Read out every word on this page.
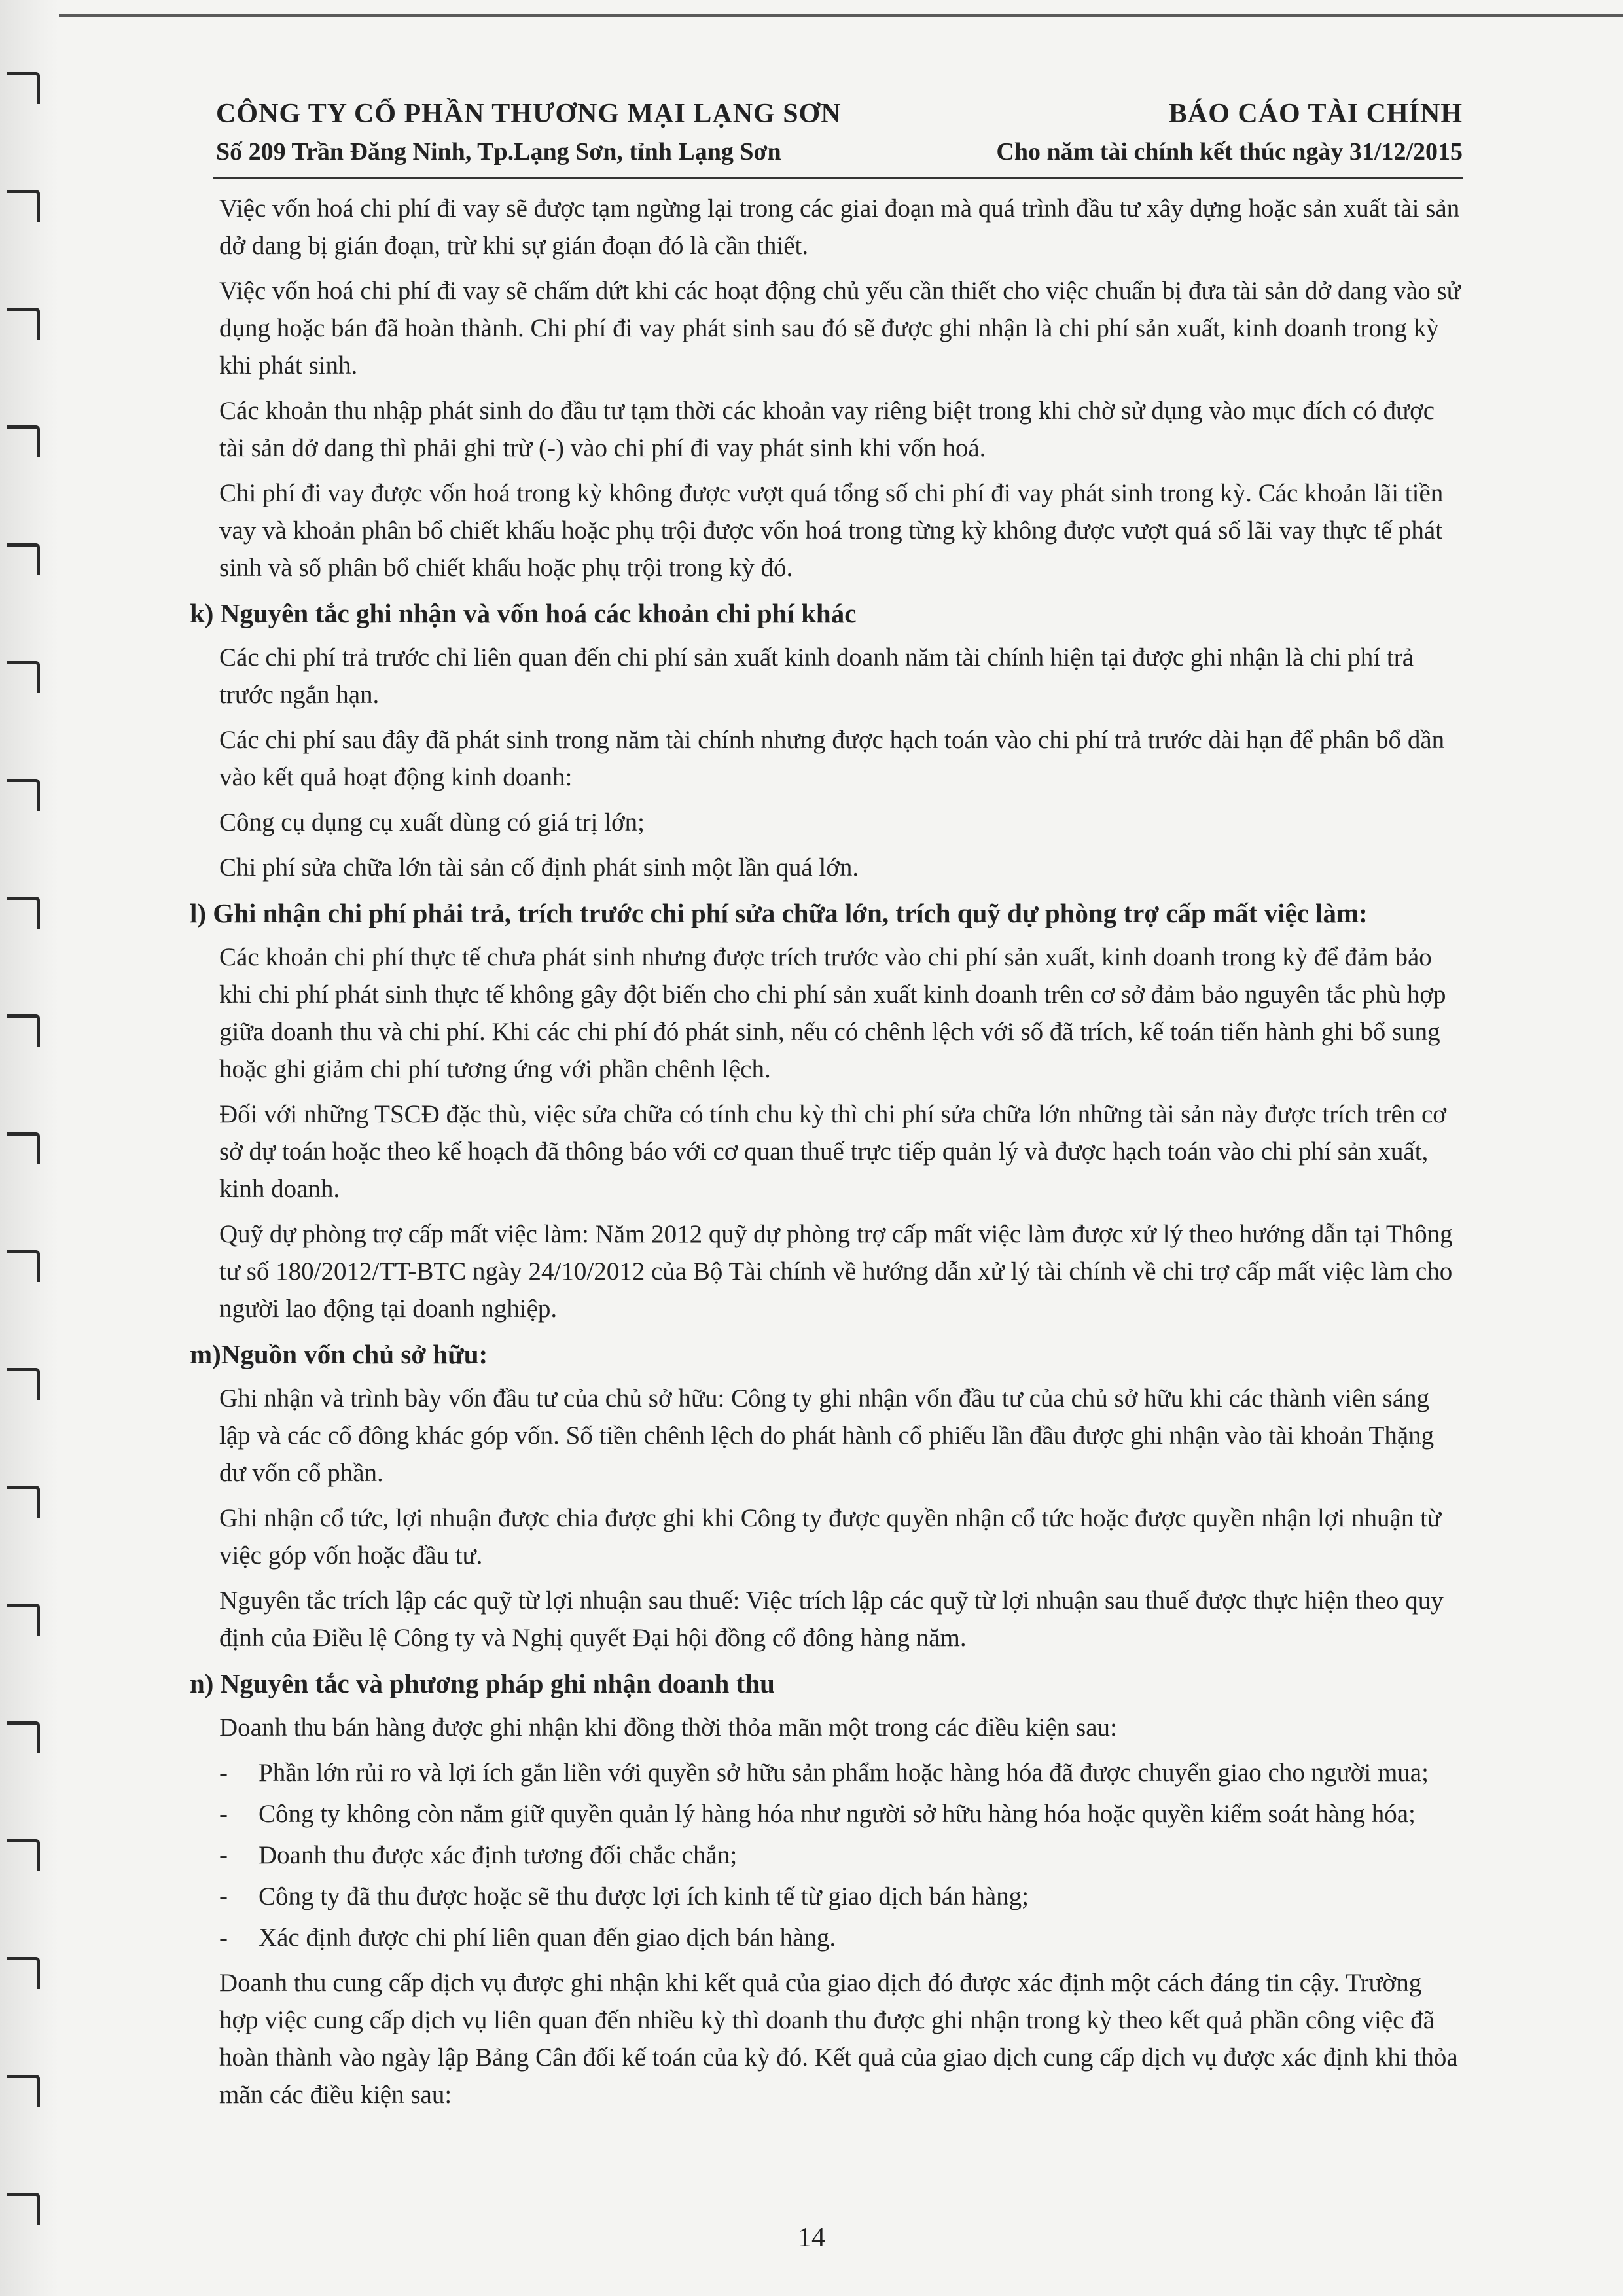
CÔNG TY CỔ PHẦN THƯƠNG MẠI LẠNG SƠN
Số 209 Trần Đăng Ninh, Tp.Lạng Sơn, tỉnh Lạng Sơn
BÁO CÁO TÀI CHÍNH
Cho năm tài chính kết thúc ngày 31/12/2015

Việc vốn hoá chi phí đi vay sẽ được tạm ngừng lại trong các giai đoạn mà quá trình đầu tư xây dựng hoặc sản xuất tài sản dở dang bị gián đoạn, trừ khi sự gián đoạn đó là cần thiết.

Việc vốn hoá chi phí đi vay sẽ chấm dứt khi các hoạt động chủ yếu cần thiết cho việc chuẩn bị đưa tài sản dở dang vào sử dụng hoặc bán đã hoàn thành. Chi phí đi vay phát sinh sau đó sẽ được ghi nhận là chi phí sản xuất, kinh doanh trong kỳ khi phát sinh.

Các khoản thu nhập phát sinh do đầu tư tạm thời các khoản vay riêng biệt trong khi chờ sử dụng vào mục đích có được tài sản dở dang thì phải ghi trừ (-) vào chi phí đi vay phát sinh khi vốn hoá.

Chi phí đi vay được vốn hoá trong kỳ không được vượt quá tổng số chi phí đi vay phát sinh trong kỳ. Các khoản lãi tiền vay và khoản phân bổ chiết khấu hoặc phụ trội được vốn hoá trong từng kỳ không được vượt quá số lãi vay thực tế phát sinh và số phân bổ chiết khấu hoặc phụ trội trong kỳ đó.

k) Nguyên tắc ghi nhận và vốn hoá các khoản chi phí khác

Các chi phí trả trước chỉ liên quan đến chi phí sản xuất kinh doanh năm tài chính hiện tại được ghi nhận là chi phí trả trước ngắn hạn.

Các chi phí sau đây đã phát sinh trong năm tài chính nhưng được hạch toán vào chi phí trả trước dài hạn để phân bổ dần vào kết quả hoạt động kinh doanh:

Công cụ dụng cụ xuất dùng có giá trị lớn;

Chi phí sửa chữa lớn tài sản cố định phát sinh một lần quá lớn.

l) Ghi nhận chi phí phải trả, trích trước chi phí sửa chữa lớn, trích quỹ dự phòng trợ cấp mất việc làm:

Các khoản chi phí thực tế chưa phát sinh nhưng được trích trước vào chi phí sản xuất, kinh doanh trong kỳ để đảm bảo khi chi phí phát sinh thực tế không gây đột biến cho chi phí sản xuất kinh doanh trên cơ sở đảm bảo nguyên tắc phù hợp giữa doanh thu và chi phí. Khi các chi phí đó phát sinh, nếu có chênh lệch với số đã trích, kế toán tiến hành ghi bổ sung hoặc ghi giảm chi phí tương ứng với phần chênh lệch.

Đối với những TSCĐ đặc thù, việc sửa chữa có tính chu kỳ thì chi phí sửa chữa lớn những tài sản này được trích trên cơ sở dự toán hoặc theo kế hoạch đã thông báo với cơ quan thuế trực tiếp quản lý và được hạch toán vào chi phí sản xuất, kinh doanh.

Quỹ dự phòng trợ cấp mất việc làm: Năm 2012 quỹ dự phòng trợ cấp mất việc làm được xử lý theo hướng dẫn tại Thông tư số 180/2012/TT-BTC ngày 24/10/2012 của Bộ Tài chính về hướng dẫn xử lý tài chính về chi trợ cấp mất việc làm cho người lao động tại doanh nghiệp.

m)Nguồn vốn chủ sở hữu:

Ghi nhận và trình bày vốn đầu tư của chủ sở hữu: Công ty ghi nhận vốn đầu tư của chủ sở hữu khi các thành viên sáng lập và các cổ đông khác góp vốn. Số tiền chênh lệch do phát hành cổ phiếu lần đầu được ghi nhận vào tài khoản Thặng dư vốn cổ phần.

Ghi nhận cổ tức, lợi nhuận được chia được ghi khi Công ty được quyền nhận cổ tức hoặc được quyền nhận lợi nhuận từ việc góp vốn hoặc đầu tư.

Nguyên tắc trích lập các quỹ từ lợi nhuận sau thuế: Việc trích lập các quỹ từ lợi nhuận sau thuế được thực hiện theo quy định của Điều lệ Công ty và Nghị quyết Đại hội đồng cổ đông hàng năm.

n) Nguyên tắc và phương pháp ghi nhận doanh thu

Doanh thu bán hàng được ghi nhận khi đồng thời thỏa mãn một trong các điều kiện sau:

- Phần lớn rủi ro và lợi ích gắn liền với quyền sở hữu sản phẩm hoặc hàng hóa đã được chuyển giao cho người mua;
- Công ty không còn nắm giữ quyền quản lý hàng hóa như người sở hữu hàng hóa hoặc quyền kiểm soát hàng hóa;
- Doanh thu được xác định tương đối chắc chắn;
- Công ty đã thu được hoặc sẽ thu được lợi ích kinh tế từ giao dịch bán hàng;
- Xác định được chi phí liên quan đến giao dịch bán hàng.

Doanh thu cung cấp dịch vụ được ghi nhận khi kết quả của giao dịch đó được xác định một cách đáng tin cậy. Trường hợp việc cung cấp dịch vụ liên quan đến nhiều kỳ thì doanh thu được ghi nhận trong kỳ theo kết quả phần công việc đã hoàn thành vào ngày lập Bảng Cân đối kế toán của kỳ đó. Kết quả của giao dịch cung cấp dịch vụ được xác định khi thỏa mãn các điều kiện sau:

14
